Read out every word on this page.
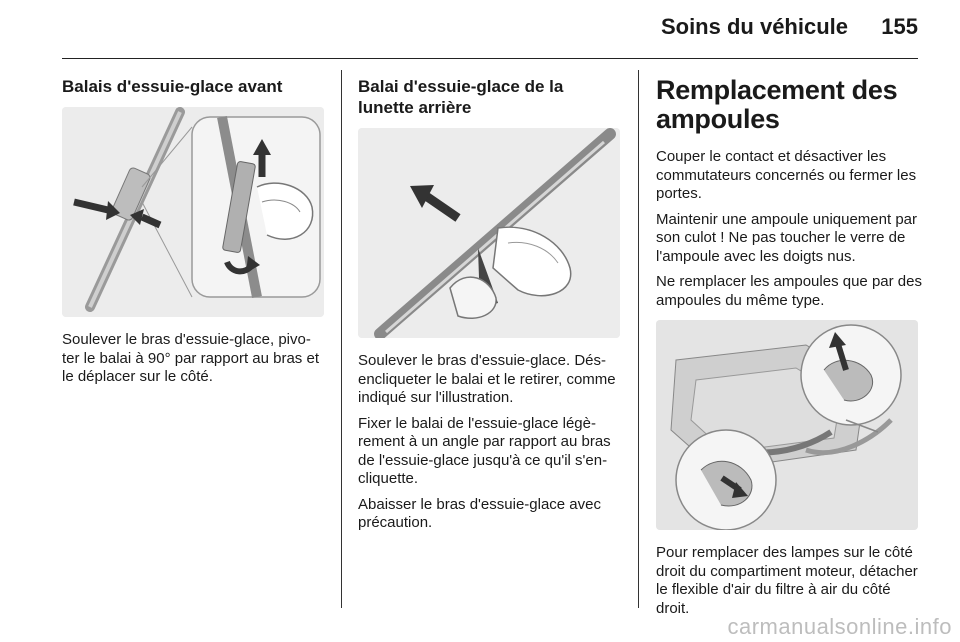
Soins du véhicule 155
Balais d'essuie-glace avant

Soulever le bras d'essuie-glace, pivo-ter le balai à 90° par rapport au bras et le déplacer sur le côté.

Balai d'essuie-glace de la lunette arrière

Soulever le bras d'essuie-glace. Dés-encliqueter le balai et le retirer, comme indiqué sur l'illustration.

Fixer le balai de l'essuie-glace légè-rement à un angle par rapport au bras de l'essuie-glace jusqu'à ce qu'il s'en-cliquette.

Abaisser le bras d'essuie-glace avec précaution.

Remplacement des ampoules

Couper le contact et désactiver les commutateurs concernés ou fermer les portes.

Maintenir une ampoule uniquement par son culot ! Ne pas toucher le verre de l'ampoule avec les doigts nus.

Ne remplacer les ampoules que par des ampoules du même type.

Pour remplacer des lampes sur le côté droit du compartiment moteur, détacher le flexible d'air du filtre à air du côté droit.

carmanualsonline.info
